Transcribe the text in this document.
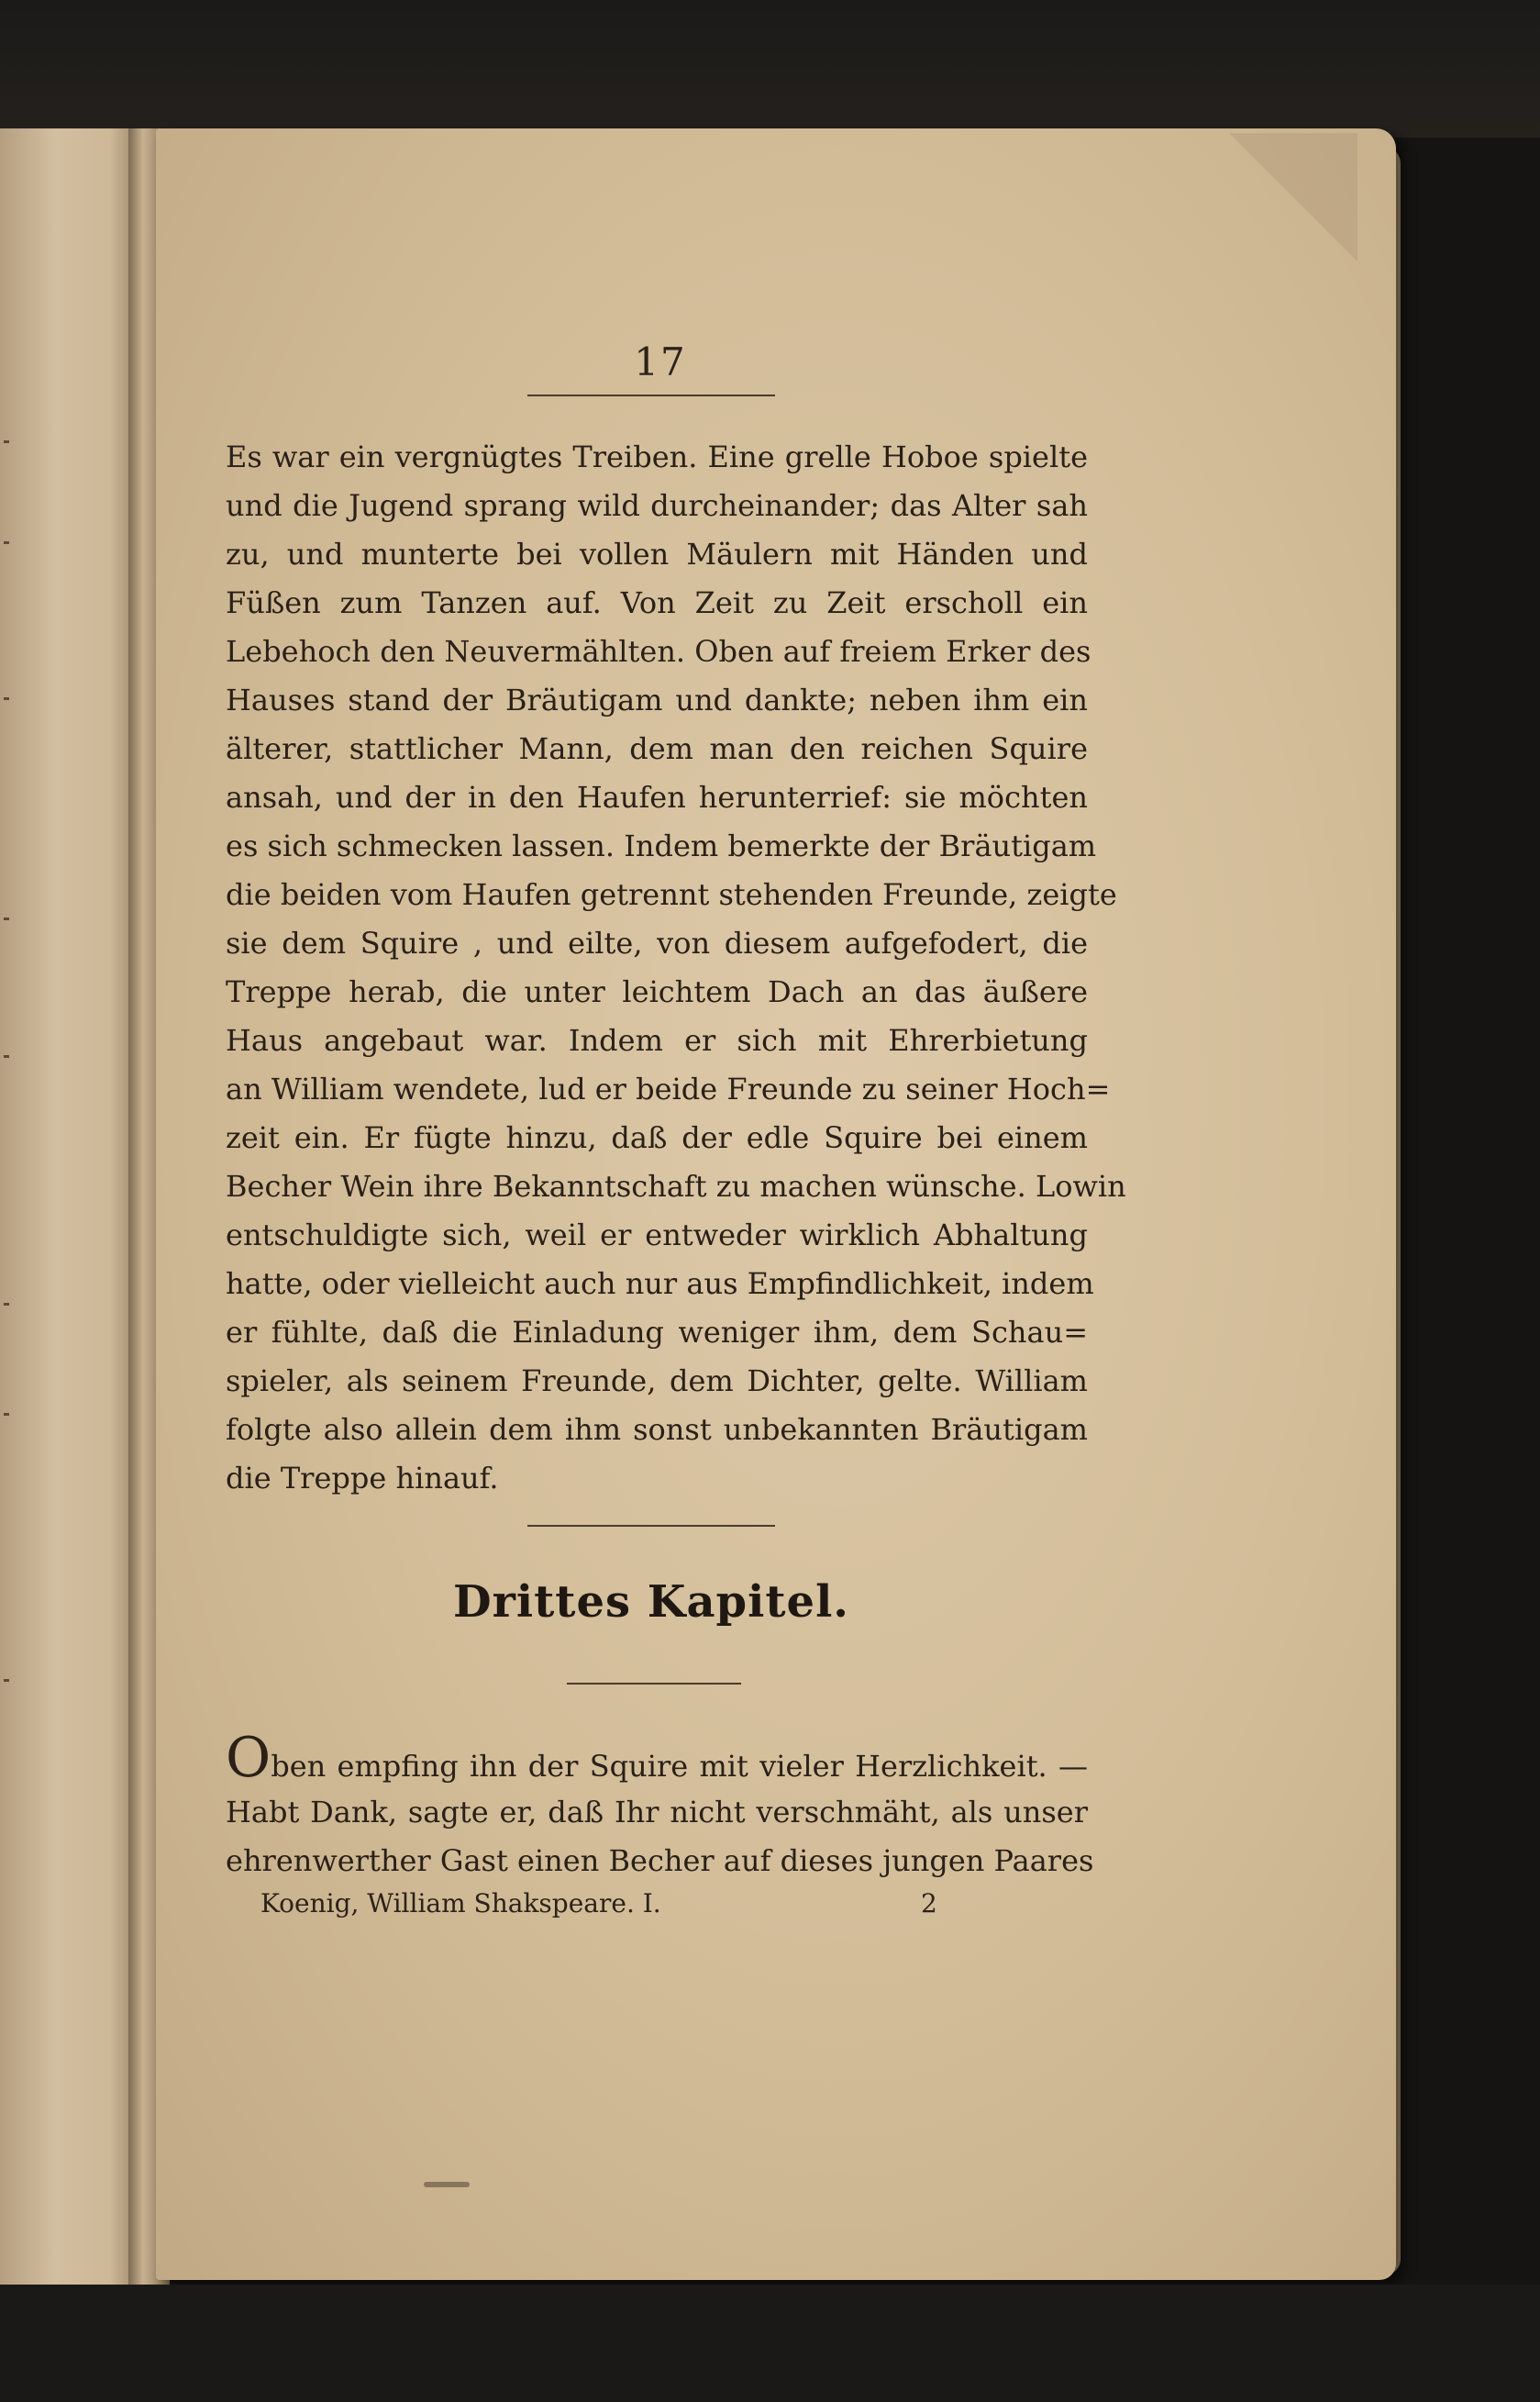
17
Es war ein vergnügtes Treiben. Eine grelle Hoboe spielte
und die Jugend sprang wild durcheinander; das Alter sah
zu, und munterte bei vollen Mäulern mit Händen und
Füßen zum Tanzen auf. Von Zeit zu Zeit erscholl ein
Lebehoch den Neuvermählten. Oben auf freiem Erker des
Hauses stand der Bräutigam und dankte; neben ihm ein
älterer, stattlicher Mann, dem man den reichen Squire
ansah, und der in den Haufen herunterrief: sie möchten
es sich schmecken lassen. Indem bemerkte der Bräutigam
die beiden vom Haufen getrennt stehenden Freunde, zeigte
sie dem Squire , und eilte, von diesem aufgefodert, die
Treppe herab, die unter leichtem Dach an das äußere
Haus angebaut war. Indem er sich mit Ehrerbietung
an William wendete, lud er beide Freunde zu seiner Hoch=
zeit ein. Er fügte hinzu, daß der edle Squire bei einem
Becher Wein ihre Bekanntschaft zu machen wünsche. Lowin
entschuldigte sich, weil er entweder wirklich Abhaltung
hatte, oder vielleicht auch nur aus Empfindlichkeit, indem
er fühlte, daß die Einladung weniger ihm, dem Schau=
spieler, als seinem Freunde, dem Dichter, gelte. William
folgte also allein dem ihm sonst unbekannten Bräutigam
die Treppe hinauf.
Drittes Kapitel.
Oben empfing ihn der Squire mit vieler Herzlichkeit. —
Habt Dank, sagte er, daß Ihr nicht verschmäht, als unser
ehrenwerther Gast einen Becher auf dieses jungen Paares
Koenig, William Shakspeare. I.	2
